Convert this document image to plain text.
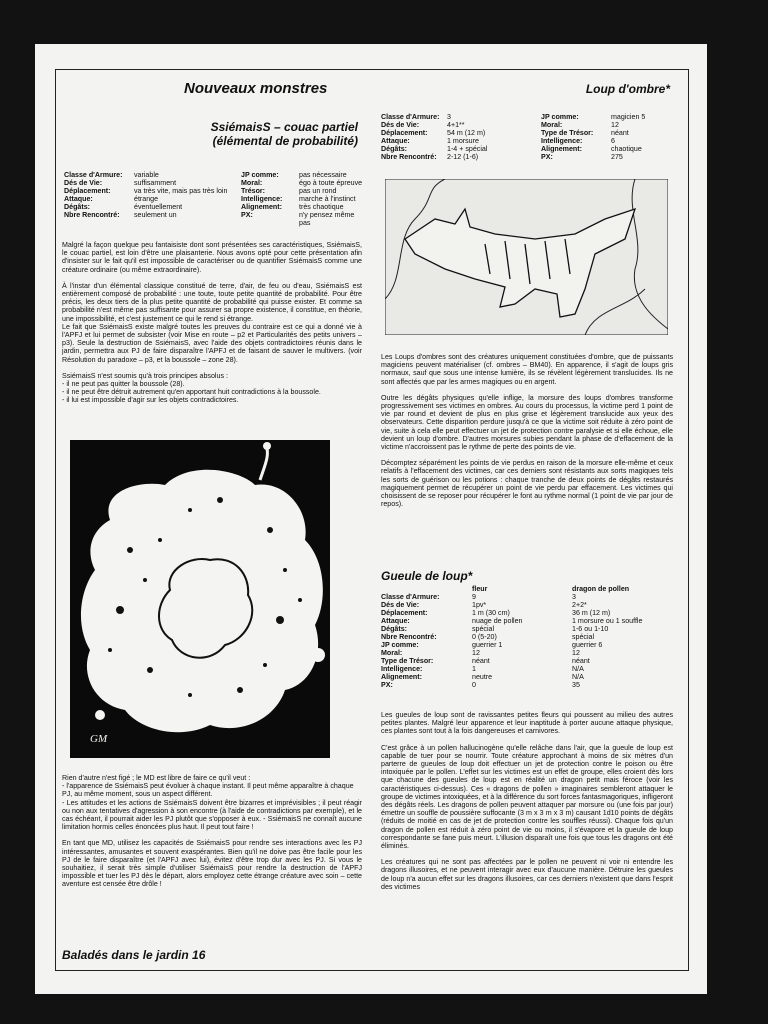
Nouveaux monstres	Loup d'ombre*
SsiémaisS – couac partiel
(élémental de probabilité)
Classe d'Armure:	variable
Dés de Vie:	suffisamment
Déplacement:	va très vite, mais pas très loin
Attaque:	étrange
Dégâts:	éventuellement
Nbre Rencontré:	seulement un
JP comme:	pas nécessaire
Moral:	égo à toute épreuve
Trésor:	pas un rond
Intelligence:	marche à l'instinct
Alignement:	très chaotique
PX:	n'y pensez même pas

Malgré la façon quelque peu fantaisiste dont sont présentées ses caractéristiques, SsiémaisS, le couac partiel, est loin d'être une plaisanterie. Nous avons opté pour cette présentation afin d'insister sur le fait qu'il est impossible de caractériser ou de quantifier SsiémaisS comme une créature ordinaire (ou même extraordinaire).

À l'instar d'un élémental classique constitué de terre, d'air, de feu ou d'eau, SsiémaisS est entièrement composé de probabilité : une toute, toute petite quantité de probabilité. Pour être précis, les deux tiers de la plus petite quantité de probabilité qui puisse exister. Et comme sa probabilité n'est même pas suffisante pour assurer sa propre existence, il constitue, en théorie, une impossibilité, et c'est justement ce qui le rend si étrange.

Le fait que SsiémaisS existe malgré toutes les preuves du contraire est ce qui a donné vie à l'APFJ et lui permet de subsister (voir Mise en route – p2 et Particularités des petits univers – p3). Seule la destruction de SsiémaisS, avec l'aide des objets contradictoires réunis dans le jardin, permettra aux PJ de faire disparaître l'APFJ et de faisant de sauver le multivers. (voir Résolution du paradoxe – p3, et la boussole – zone 28).

SsiémaisS n'est soumis qu'à trois principes absolus :

- il ne peut pas quitter la boussole (28).
- il ne peut être détruit autrement qu'en apportant huit contradictions à la boussole.
- il lui est impossible d'agir sur les objets contradictoires.
GM
Rien d'autre n'est figé ; le MD est libre de faire ce qu'il veut :
- l'apparence de SsiémaisS peut évoluer à chaque instant. Il peut même apparaître à chaque PJ, au même moment, sous un aspect différent.

- Les attitudes et les actions de SsiémaisS doivent être bizarres et imprévisibles ; il peut réagir ou non aux tentatives d'agression à son encontre (à l'aide de contradictions par exemple), et le cas échéant, il pourrait aider les PJ plutôt que s'opposer à eux. - SsiémaisS ne connaît aucune limitation hormis celles énoncées plus haut. Il peut tout faire !

En tant que MD, utilisez les capacités de SsiémaisS pour rendre ses interactions avec les PJ intéressantes, amusantes et souvent exaspérantes. Bien qu'il ne doive pas être facile pour les PJ de le faire disparaître (et l'APFJ avec lui), évitez d'être trop dur avec les PJ. Si vous le souhaitiez, il serait très simple d'utiliser SsiémaisS pour rendre la destruction de l'APFJ impossible et tuer les PJ dès le départ, alors employez cette étrange créature avec soin – cette aventure est censée être drôle !

Classe d'Armure:	3
Dés de Vie:	4+1**
Déplacement:	54 m (12 m)
Attaque:	1 morsure
Dégâts:	1-4 + spécial
Nbre Rencontré:	2-12 (1-6)
JP comme:	magicien 5
Moral:	12
Type de Trésor:	néant
Intelligence:	6
Alignement:	chaotique
PX:	275

Les Loups d'ombres sont des créatures uniquement constituées d'ombre, que de puissants magiciens peuvent matérialiser (cf. ombres – BM40). En apparence, il s'agit de loups gris normaux, sauf que sous une intense lumière, ils se révèlent légèrement translucides. Ils ne sont affectés que par les armes magiques ou en argent.

Outre les dégâts physiques qu'elle inflige, la morsure des loups d'ombres transforme progressivement ses victimes en ombres. Au cours du processus, la victime perd 1 point de vie par round et devient de plus en plus grise et légèrement translucide aux yeux des observateurs. Cette disparition perdure jusqu'à ce que la victime soit réduite à zéro point de vie, suite à cela elle peut effectuer un jet de protection contre paralysie et si elle échoue, elle devient un loup d'ombre. D'autres morsures subies pendant la phase de d'effacement de la victime n'accroissent pas le rythme de perte des points de vie.

Décomptez séparément les points de vie perdus en raison de la morsure elle-même et ceux relatifs à l'effacement des victimes, car ces derniers sont résistants aux sorts magiques tels les sorts de guérison ou les potions : chaque tranche de deux points de dégâts restaurés magiquement permet de récupérer un point de vie perdu par effacement. Les victimes qui choisissent de se reposer pour récupérer le font au rythme normal (1 point de vie par jour de repos).

Gueule de loup*
	fleur	dragon de pollen
Classe d'Armure:	9	3
Dés de Vie:	1pv*	2+2*
Déplacement:	1 m (30 cm)	36 m (12 m)
Attaque:	nuage de pollen	1 morsure ou 1 souffle
Dégâts:	spécial	1-6 ou 1-10
Nbre Rencontré:	0 (5-20)	spécial
JP comme:	guerrier 1	guerrier 6
Moral:	12	12
Type de Trésor:	néant	néant
Intelligence:	1	N/A
Alignement:	neutre	N/A
PX:	0	35

Les gueules de loup sont de ravissantes petites fleurs qui poussent au milieu des autres petites plantes. Malgré leur apparence et leur inaptitude à porter aucune attaque physique, ces plantes sont tout à la fois dangereuses et carnivores.

C'est grâce à un pollen hallucinogène qu'elle relâche dans l'air, que la gueule de loup est capable de tuer pour se nourrir. Toute créature approchant à moins de six mètres d'un parterre de gueules de loup doit effectuer un jet de protection contre le poison ou être intoxiquée par le pollen. L'effet sur les victimes est un effet de groupe, elles croient dès lors que chacune des gueules de loup est en réalité un dragon petit mais féroce (voir les caractéristiques ci-dessus). Ces « dragons de pollen » imaginaires sembleront attaquer le groupe de victimes intoxiquées, et à la différence du sort forces fantasmagoriques, infligeront des dégâts réels. Les dragons de pollen peuvent attaquer par morsure ou (une fois par jour) émettre un souffle de poussière suffocante (3 m x 3 m x 3 m) causant 1d10 points de dégâts (réduits de moitié en cas de jet de protection contre les souffles réussi). Chaque fois qu'un dragon de pollen est réduit à zéro point de vie ou moins, il s'évapore et la gueule de loup correspondante se fane puis meurt. L'illusion disparaît une fois que tous les dragons ont été éliminés.

Les créatures qui ne sont pas affectées par le pollen ne peuvent ni voir ni entendre les dragons illusoires, et ne peuvent interagir avec eux d'aucune manière. Détruire les gueules de loup n'a aucun effet sur les dragons illusoires, car ces derniers n'existent que dans l'esprit des victimes

Baladés dans le jardin 16
